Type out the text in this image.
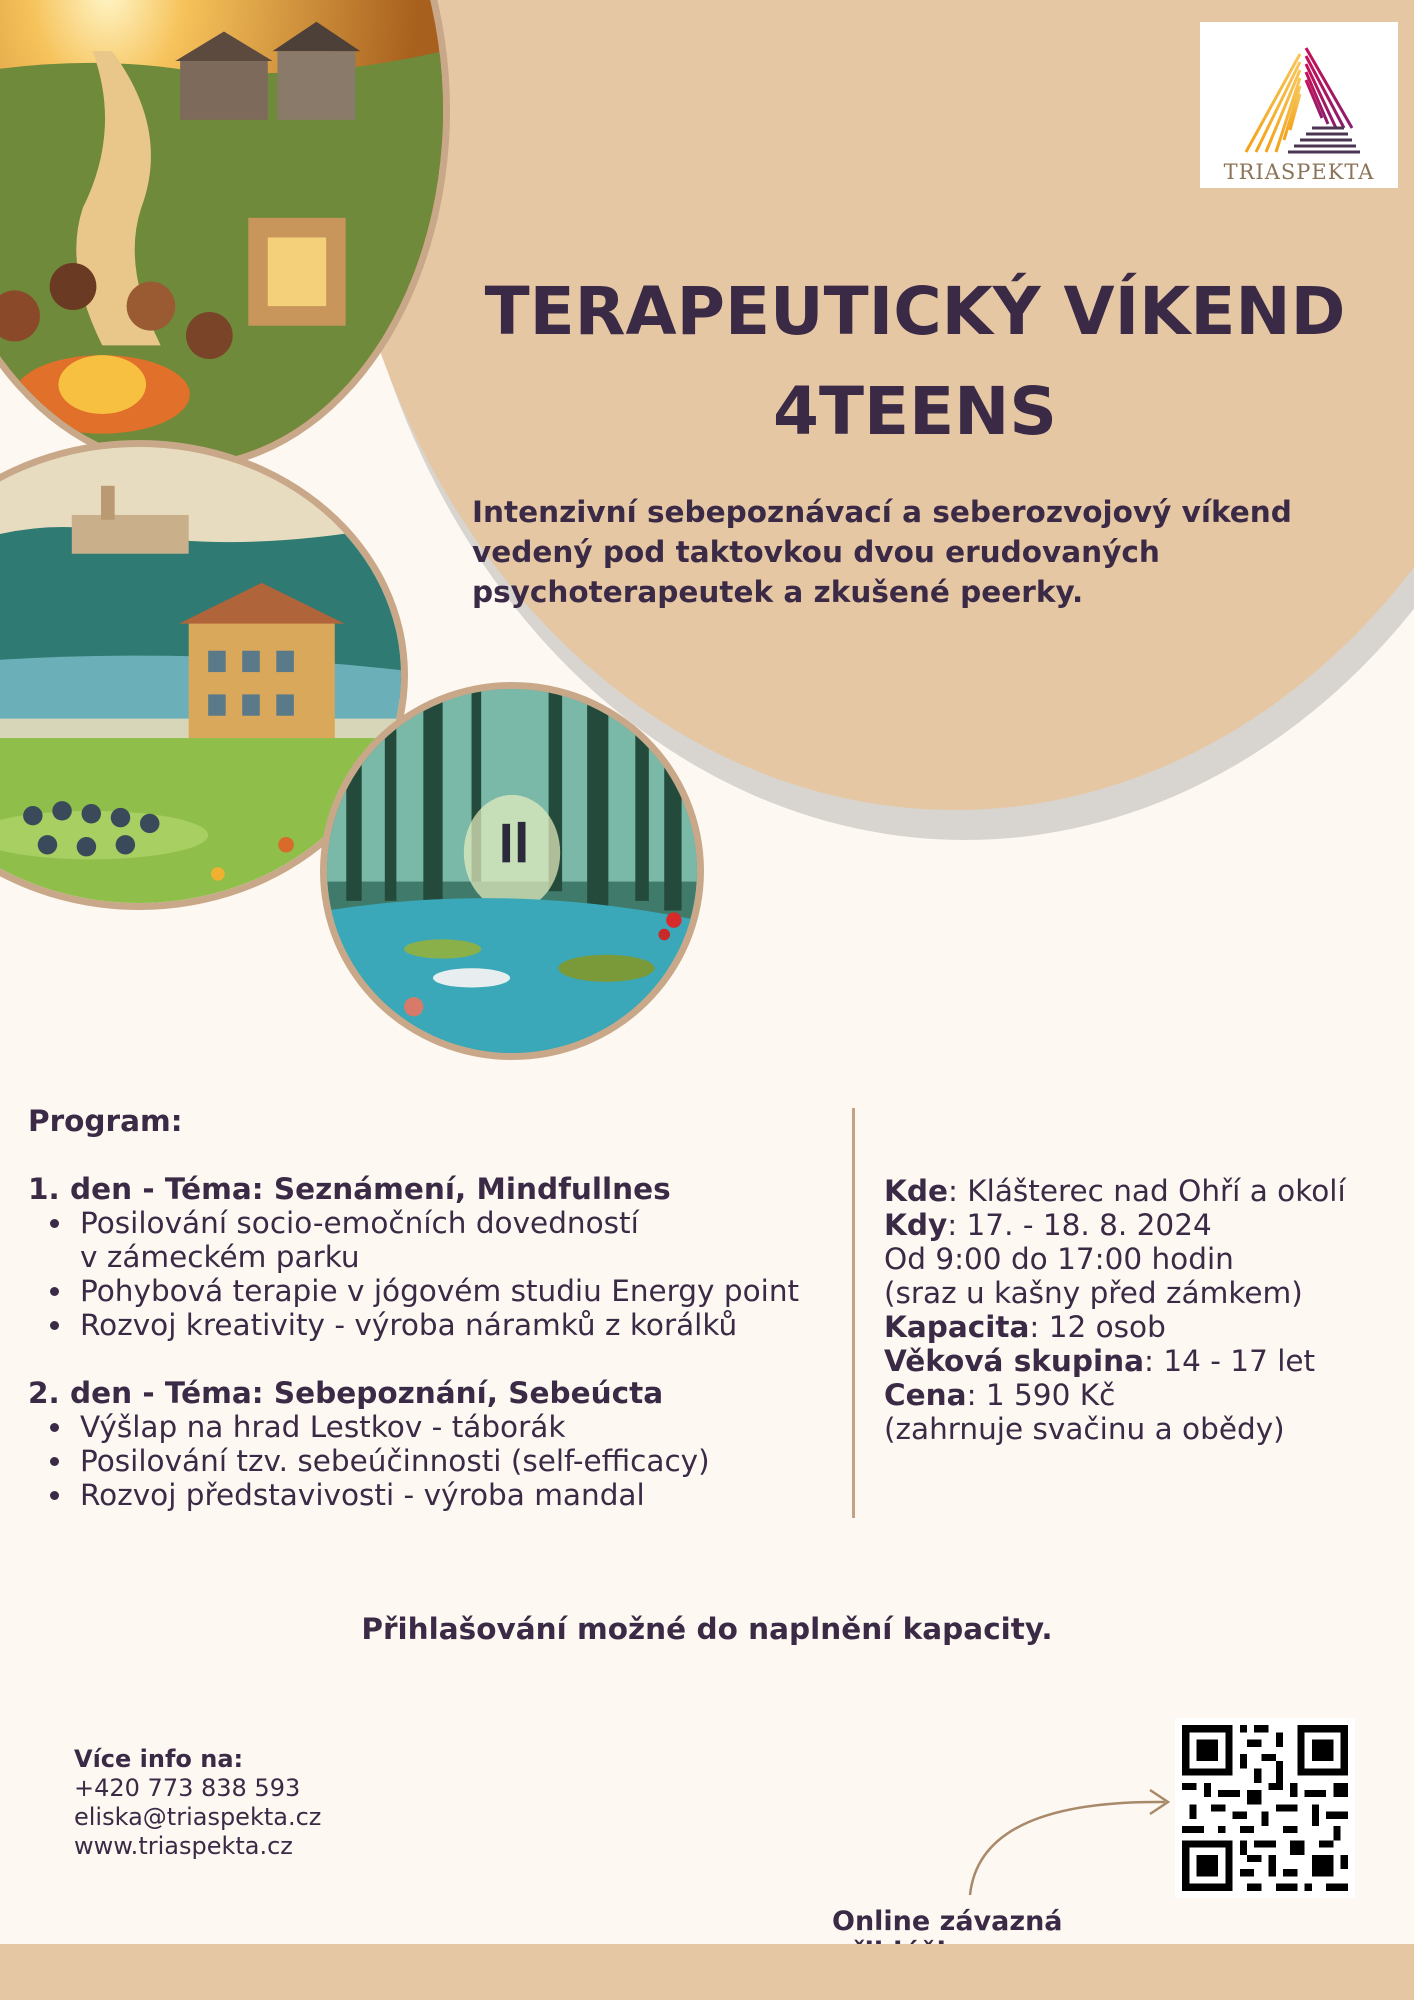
TRIASPEKTA
TERAPEUTICKÝ VÍKEND
4TEENS
Intenzivní sebepoznávací a seberozvojový víkend vedený pod taktovkou dvou erudovaných psychoterapeutek a zkušené peerky.
Program:
1. den - Téma: Seznámení, Mindfullnes
Posilování socio-emočních dovedností
v zámeckém parku
Pohybová terapie v jógovém studiu Energy point
Rozvoj kreativity - výroba náramků z korálků
2. den - Téma: Sebepoznání, Sebeúcta
Výšlap na hrad Lestkov - táborák
Posilování tzv. sebeúčinnosti (self-efficacy)
Rozvoj představivosti - výroba mandal
Kde: Klášterec nad Ohří a okolí
Kdy: 17. - 18. 8. 2024
Od 9:00 do 17:00 hodin
(sraz u kašny před zámkem)
Kapacita: 12 osob
Věková skupina: 14 - 17 let
Cena: 1 590 Kč
(zahrnuje svačinu a obědy)
Přihlašování možné do naplnění kapacity.
Více info na:
+420 773 838 593
eliska@triaspekta.cz
www.triaspekta.cz
Online závazná
